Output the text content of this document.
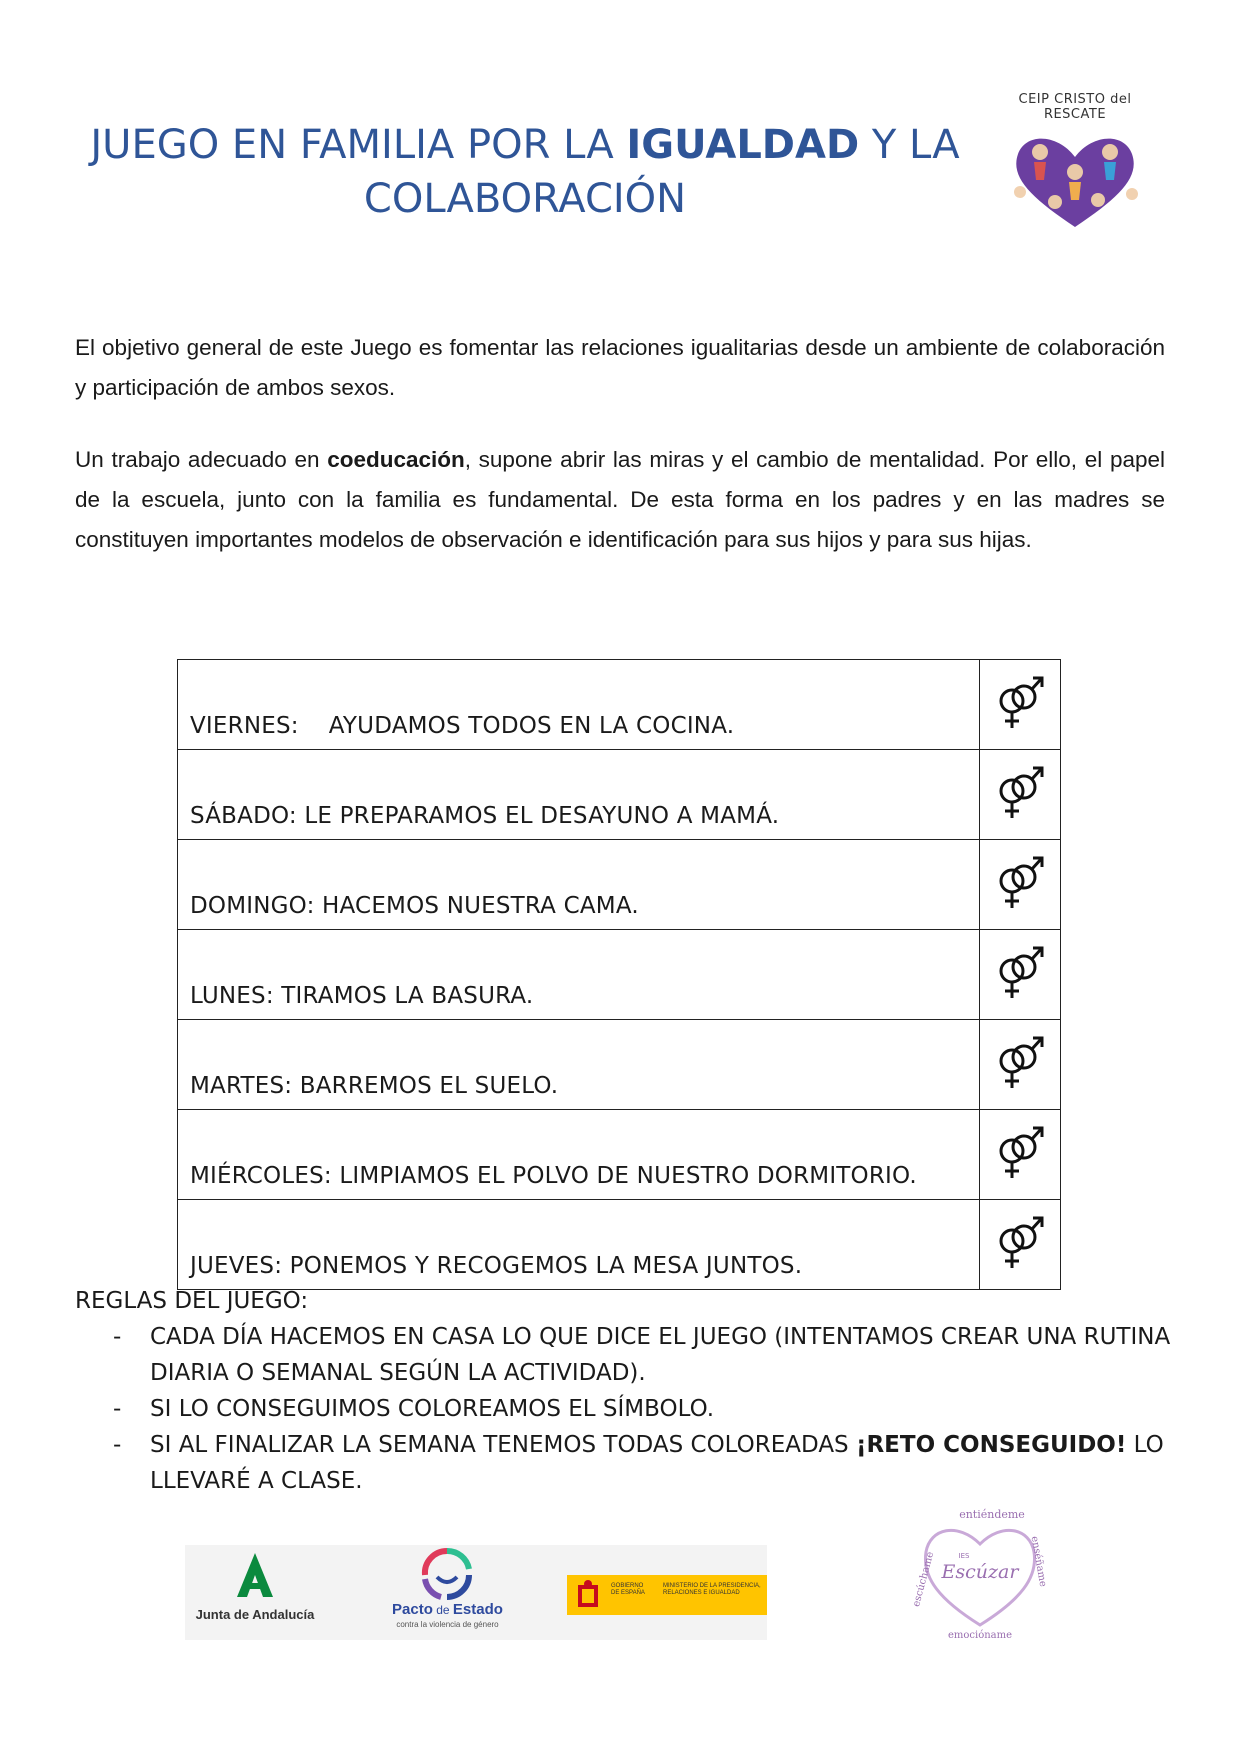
JUEGO EN FAMILIA POR LA IGUALDAD Y LA
COLABORACIÓN
CEIP CRISTO del RESCATE
El objetivo general de este Juego es fomentar las relaciones igualitarias desde un ambiente de colaboración y participación de ambos sexos.
Un trabajo adecuado en coeducación, supone abrir las miras y el cambio de mentalidad. Por ello, el papel de la escuela, junto con la familia es fundamental. De esta forma en los padres y en las madres se constituyen importantes modelos de observación e identificación para sus hijos y para sus hijas.
VIERNES:    AYUDAMOS TODOS EN LA COCINA.	
SÁBADO: LE PREPARAMOS EL DESAYUNO A MAMÁ.	
DOMINGO: HACEMOS NUESTRA CAMA.	
LUNES: TIRAMOS LA BASURA.	
MARTES: BARREMOS EL SUELO.	
MIÉRCOLES: LIMPIAMOS EL POLVO DE NUESTRO DORMITORIO.	
JUEVES: PONEMOS Y RECOGEMOS LA MESA JUNTOS.	
REGLAS DEL JUEGO:
- CADA DÍA HACEMOS EN CASA LO QUE DICE EL JUEGO (INTENTAMOS CREAR UNA RUTINA DIARIA O SEMANAL SEGÚN LA ACTIVIDAD).
- SI LO CONSEGUIMOS COLOREAMOS EL SÍMBOLO.
- SI AL FINALIZAR LA SEMANA TENEMOS TODAS COLOREADAS ¡RETO CONSEGUIDO! LO LLEVARÉ A CLASE.
Junta de Andalucía	Pacto de Estado
contra la violencia de género
GOBIERNO DE ESPAÑA
MINISTERIO DE LA PRESIDENCIA, RELACIONES E IGUALDAD
entiéndeme
escúchame	enséñame
emocióname
IES
Escúzar
